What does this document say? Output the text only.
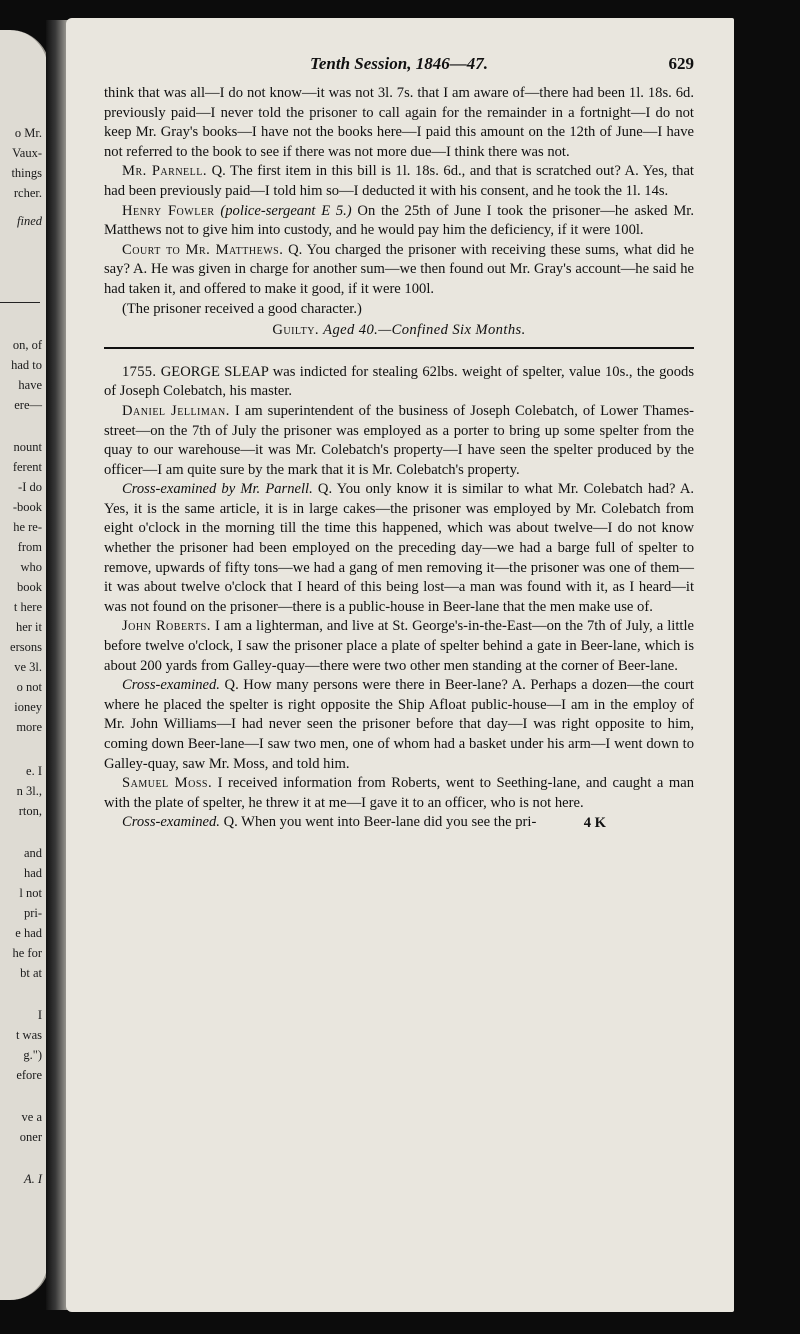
o Mr.
Vaux-
things
rcher.
fined
on, of
had to
have
ere—
nount
ferent
-I do
-book
he re-
from
who
book
t here
her it
ersons
ve 3l.
o not
ioney
more
e. I
n 3l.,
rton,
and
had
l not
pri-
e had
he for
bt at
I
t was
g.")
efore
ve a
oner
A. I
Tenth Session, 1846—47.	629

think that was all—I do not know—it was not 3l. 7s. that I am aware of—there had been 1l. 18s. 6d. previously paid—I never told the prisoner to call again for the remainder in a fortnight—I do not keep Mr. Gray's books—I have not the books here—I paid this amount on the 12th of June—I have not referred to the book to see if there was not more due—I think there was not.

Mr. Parnell. Q. The first item in this bill is 1l. 18s. 6d., and that is scratched out? A. Yes, that had been previously paid—I told him so—I deducted it with his consent, and he took the 1l. 14s.

Henry Fowler (police-sergeant E 5.) On the 25th of June I took the prisoner—he asked Mr. Matthews not to give him into custody, and he would pay him the deficiency, if it were 100l.

Court to Mr. Matthews. Q. You charged the prisoner with receiving these sums, what did he say? A. He was given in charge for another sum—we then found out Mr. Gray's account—he said he had taken it, and offered to make it good, if it were 100l.

(The prisoner received a good character.)

Guilty. Aged 40.—Confined Six Months.

1755. GEORGE SLEAP was indicted for stealing 62lbs. weight of spelter, value 10s., the goods of Joseph Colebatch, his master.

Daniel Jelliman. I am superintendent of the business of Joseph Colebatch, of Lower Thames-street—on the 7th of July the prisoner was employed as a porter to bring up some spelter from the quay to our warehouse—it was Mr. Colebatch's property—I have seen the spelter produced by the officer—I am quite sure by the mark that it is Mr. Colebatch's property.

Cross-examined by Mr. Parnell. Q. You only know it is similar to what Mr. Colebatch had? A. Yes, it is the same article, it is in large cakes—the prisoner was employed by Mr. Colebatch from eight o'clock in the morning till the time this happened, which was about twelve—I do not know whether the prisoner had been employed on the preceding day—we had a barge full of spelter to remove, upwards of fifty tons—we had a gang of men removing it—the prisoner was one of them—it was about twelve o'clock that I heard of this being lost—a man was found with it, as I heard—it was not found on the prisoner—there is a public-house in Beer-lane that the men make use of.

John Roberts. I am a lighterman, and live at St. George's-in-the-East—on the 7th of July, a little before twelve o'clock, I saw the prisoner place a plate of spelter behind a gate in Beer-lane, which is about 200 yards from Galley-quay—there were two other men standing at the corner of Beer-lane.

Cross-examined. Q. How many persons were there in Beer-lane? A. Perhaps a dozen—the court where he placed the spelter is right opposite the Ship Afloat public-house—I am in the employ of Mr. John Williams—I had never seen the prisoner before that day—I was right opposite to him, coming down Beer-lane—I saw two men, one of whom had a basket under his arm—I went down to Galley-quay, saw Mr. Moss, and told him.

Samuel Moss. I received information from Roberts, went to Seething-lane, and caught a man with the plate of spelter, he threw it at me—I gave it to an officer, who is not here.

Cross-examined. Q. When you went into Beer-lane did you see the pri-	4 K
